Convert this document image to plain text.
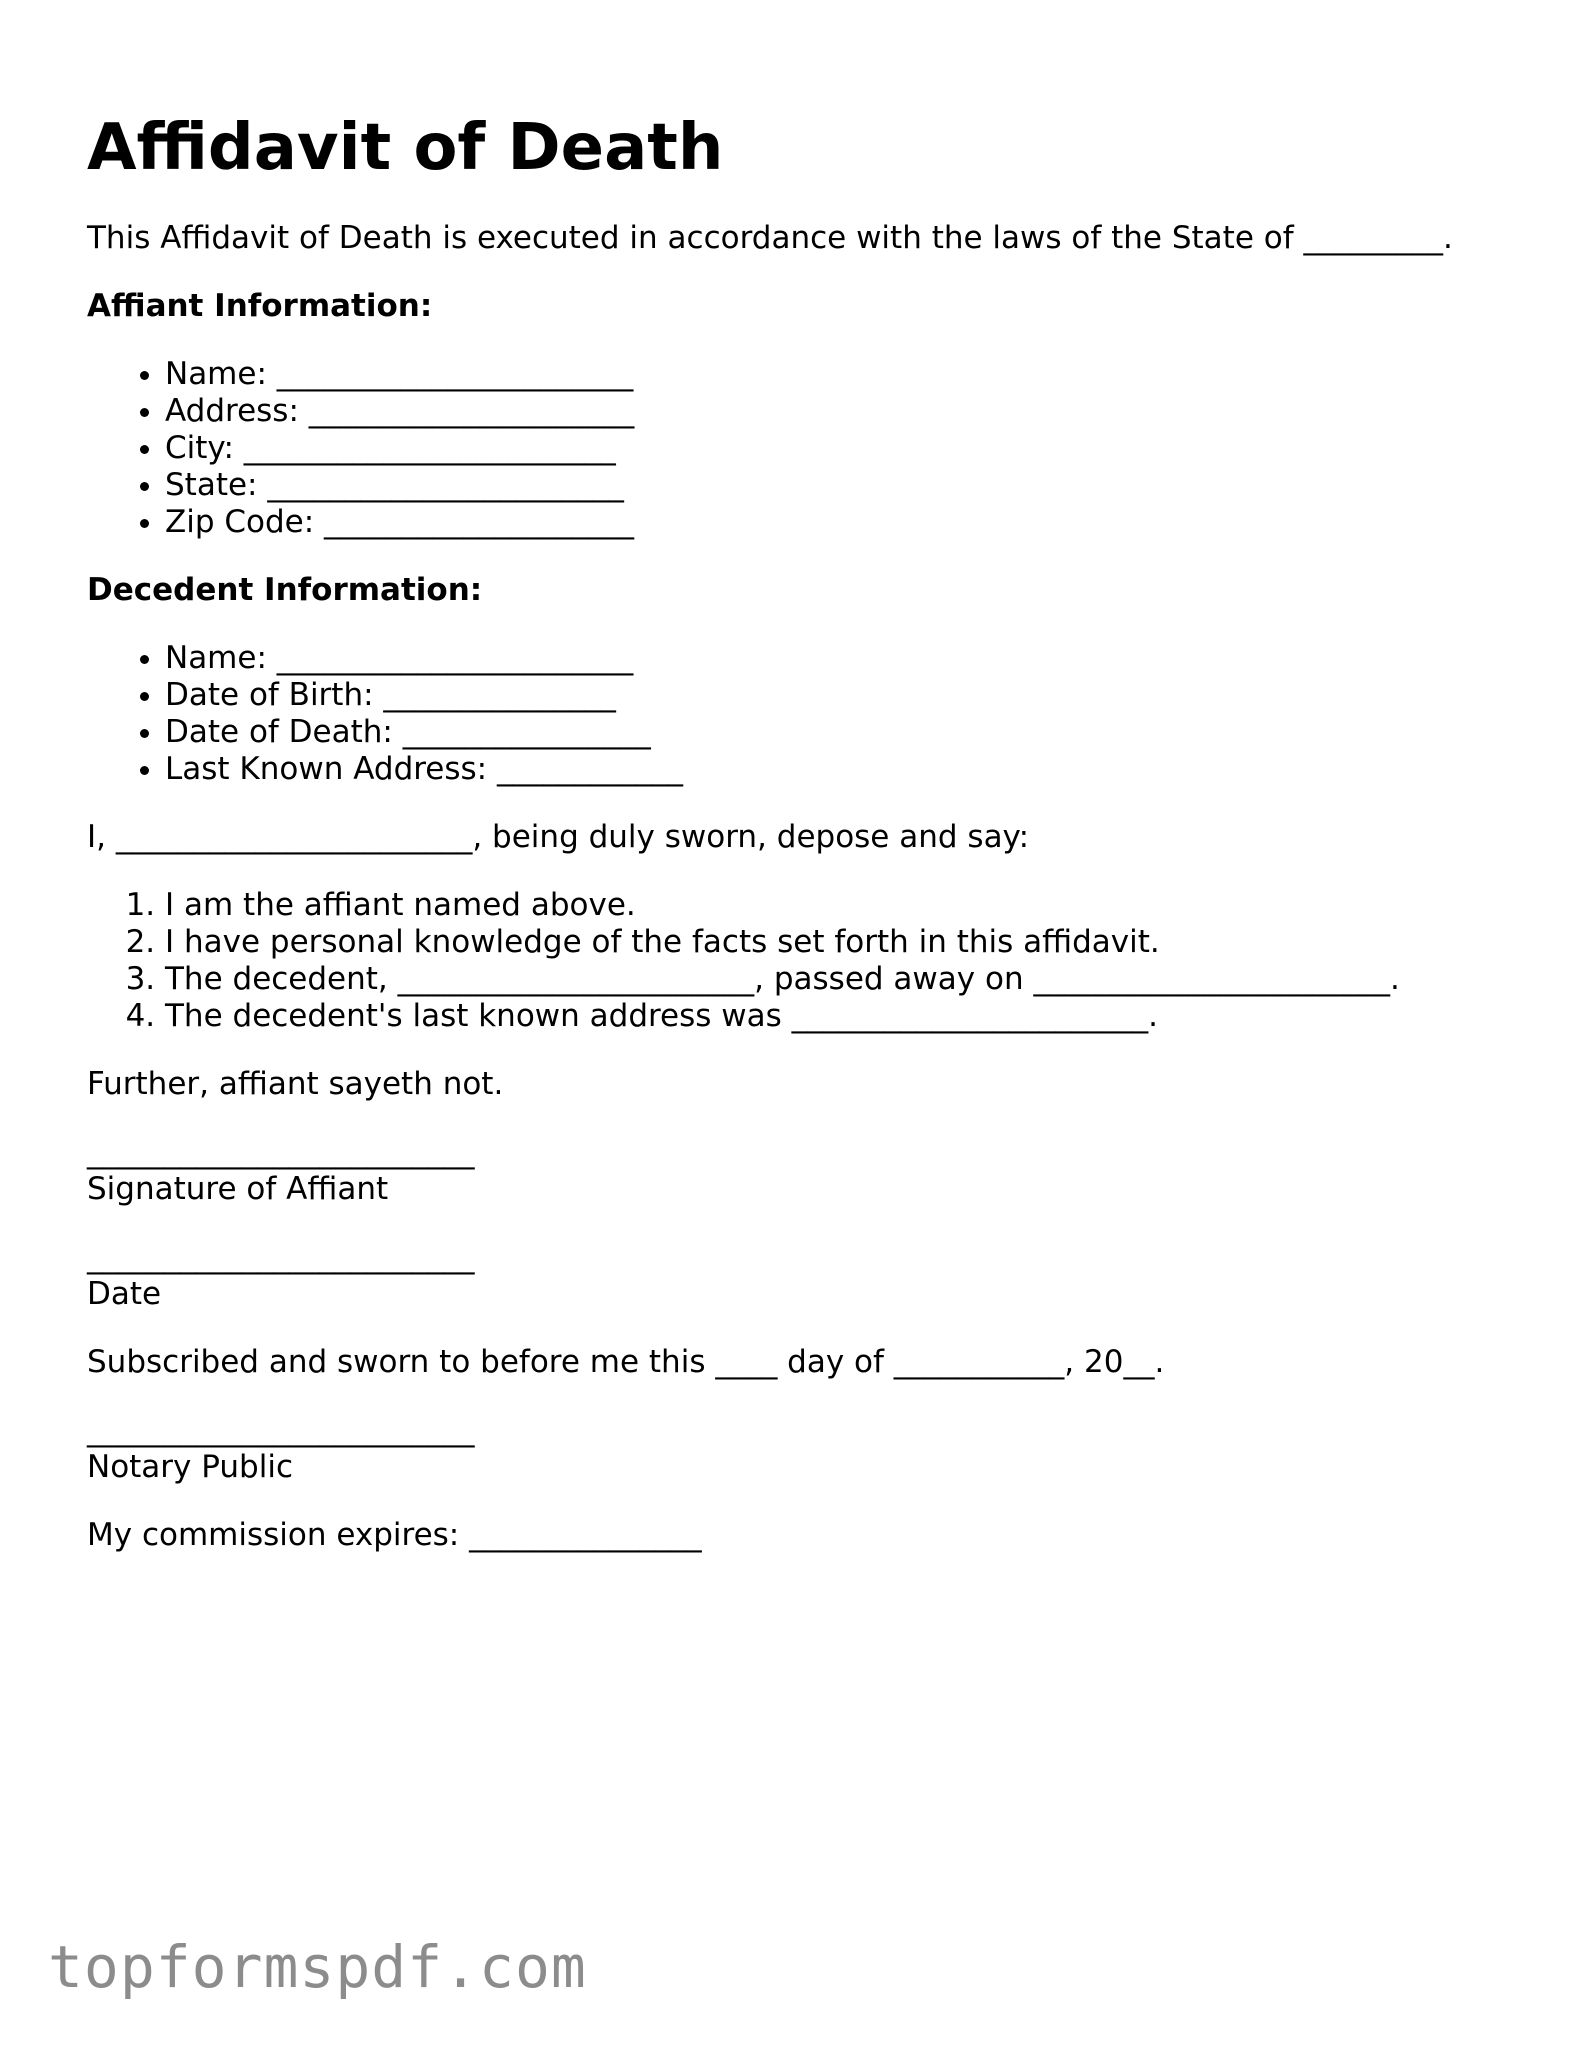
Affidavit of Death

This Affidavit of Death is executed in accordance with the laws of the State of _________.

Affiant Information:
• Name: _______________________
• Address: _____________________
• City: ________________________
• State: _______________________
• Zip Code: ____________________
Decedent Information:
• Name: _______________________
• Date of Birth: _______________
• Date of Death: ________________
• Last Known Address: ____________

I, _______________________, being duly sworn, depose and say:

1. I am the affiant named above.
2. I have personal knowledge of the facts set forth in this affidavit.
3. The decedent, _______________________, passed away on _______________________.
4. The decedent's last known address was _______________________.

Further, affiant sayeth not.

_________________________
Signature of Affiant
_________________________
Date

Subscribed and sworn to before me this ____ day of ___________, 20__.

_________________________
Notary Public

My commission expires: _______________

topformspdf.com
